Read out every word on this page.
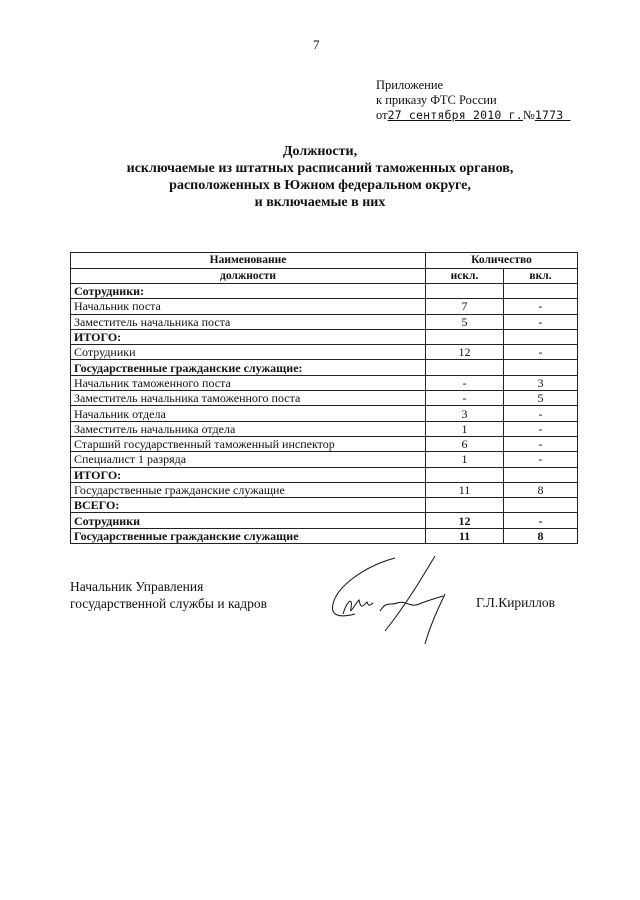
7
Приложение
к приказу ФТС России
от27 сентября 2010 г.№1773
Должности,
исключаемые из штатных расписаний таможенных органов,
расположенных в Южном федеральном округе,
и включаемые в них
Наименование	Количество	
должности	искл.	вкл.
Сотрудники:		
Начальник поста	7	-
Заместитель начальника поста	5	-
ИТОГО:		
Сотрудники	12	-
Государственные гражданские служащие:		
Начальник таможенного поста	-	3
Заместитель начальника таможенного поста	-	5
Начальник отдела	3	-
Заместитель начальника отдела	1	-
Старший государственный таможенный инспектор	6	-
Специалист 1 разряда	1	-
ИТОГО:		
Государственные гражданские служащие	11	8
ВСЕГО:		
Сотрудники	12	-
Государственные гражданские служащие	11	8
Начальник Управления
государственной службы и кадров	Г.Л.Кириллов
